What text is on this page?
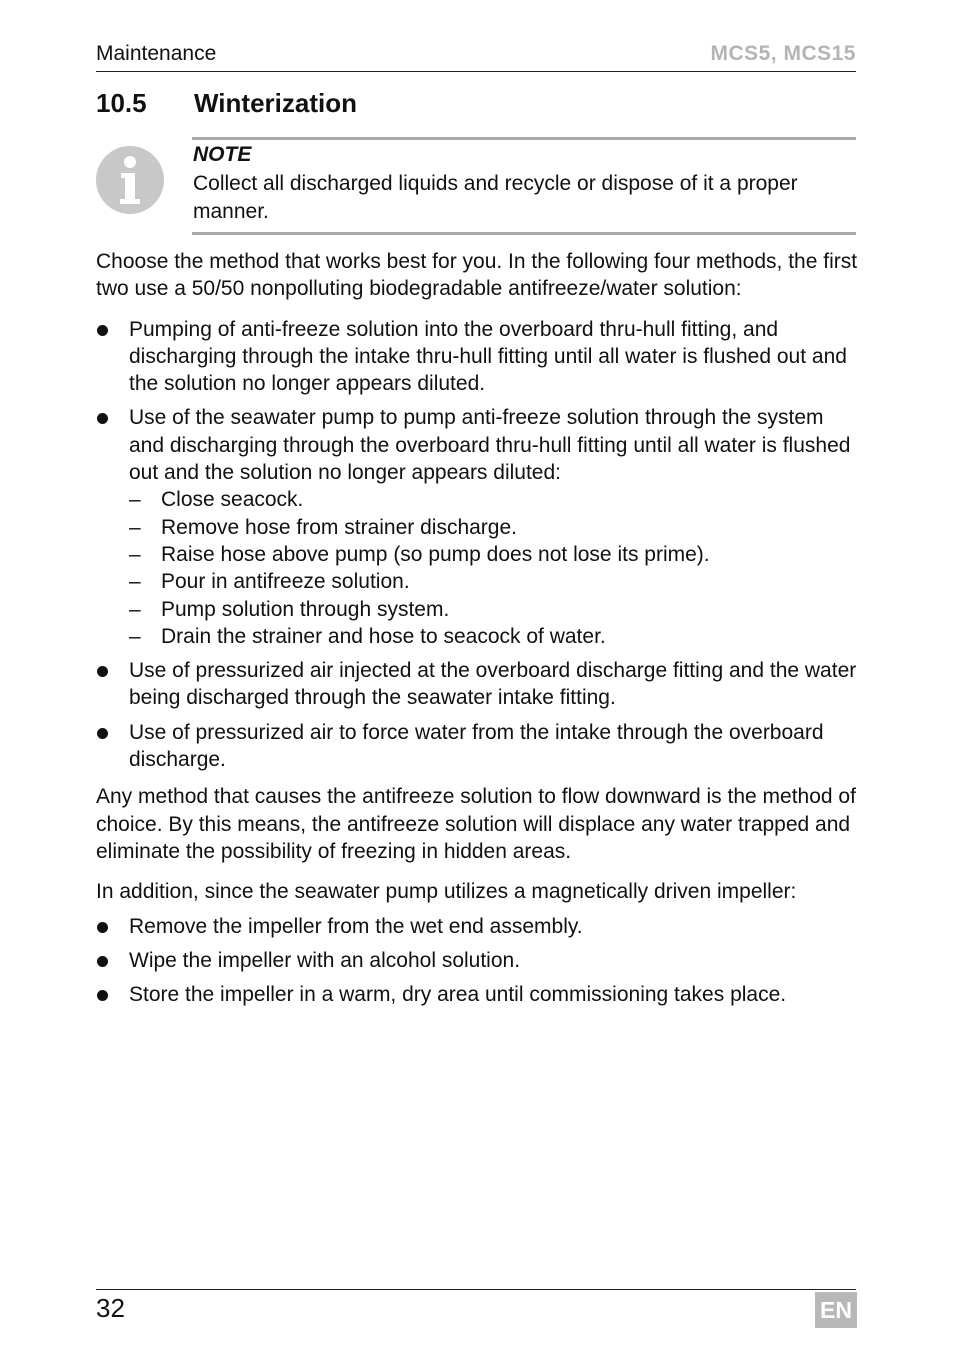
Maintenance	MCS5, MCS15
10.5 Winterization
NOTE
Collect all discharged liquids and recycle or dispose of it a proper manner.

Choose the method that works best for you. In the following four methods, the first two use a 50/50 nonpolluting biodegradable antifreeze/water solution:

Pumping of anti-freeze solution into the overboard thru-hull fitting, and discharging through the intake thru-hull fitting until all water is flushed out and the solution no longer appears diluted.
Use of the seawater pump to pump anti-freeze solution through the system and discharging through the overboard thru-hull fitting until all water is flushed out and the solution no longer appears diluted:
– Close seacock.
– Remove hose from strainer discharge.
– Raise hose above pump (so pump does not lose its prime).
– Pour in antifreeze solution.
– Pump solution through system.
– Drain the strainer and hose to seacock of water.
Use of pressurized air injected at the overboard discharge fitting and the water being discharged through the seawater intake fitting.
Use of pressurized air to force water from the intake through the overboard discharge.

Any method that causes the antifreeze solution to flow downward is the method of choice. By this means, the antifreeze solution will displace any water trapped and eliminate the possibility of freezing in hidden areas.

In addition, since the seawater pump utilizes a magnetically driven impeller:

Remove the impeller from the wet end assembly.
Wipe the impeller with an alcohol solution.
Store the impeller in a warm, dry area until commissioning takes place.
32	EN
